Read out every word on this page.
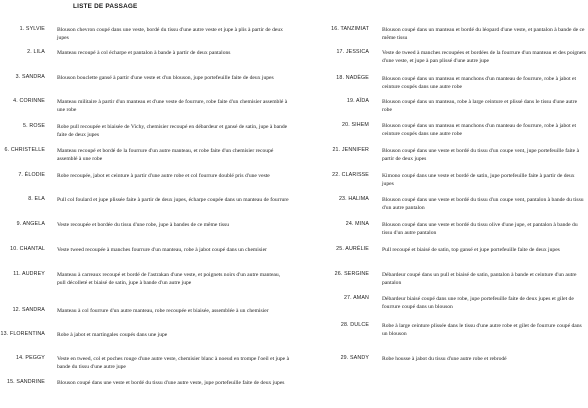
LISTE DE PASSAGE
1. SYLVIE Blouson chevron coupé dans une veste, bordé du tissu d'une autre veste et jupe à plis à partir de deux jupes
2. LILA Manteau recoupé à col écharpe et pantalon à bande à partir de deux pantalons
3. SANDRA Blouson bouclette gansé à partir d'une veste et d'un blouson, jupe portefeuille faite de deux jupes
4. CORINNE Manteau militaire à partir d'un manteau et d'une veste de fourrure, robe faite d'un chemisier assemblé à une robe
5. ROSE Robe pull recoupée et biaisée de Vichy, chemisier recoupé en débardeur et gansé de satin, jupe à bande faite de deux jupes
6. CHRISTELLE Manteau recoupé et bordé de la fourrure d'un autre manteau, et robe faite d'un chemisier recoupé assemblé à une robe
7. ÉLODIE Robe recoupée, jabot et ceinture à partir d'une autre robe et col fourrure doublé pris d'une veste
8. ELA Pull col foulard et jupe plissée faite à partir de deux jupes, écharpe coupée dans un manteau de fourrure
9. ANGELA Veste recoupée et bordée du tissu d'une robe, jupe à bandes de ce même tissu
10. CHANTAL Veste tweed recoupée à manches fourrure d'un manteau, robe à jabot coupé dans un chemisier
11. AUDREY Manteau à carreaux recoupé et bordé de l'astrakan d'une veste, et poignets noirs d'un autre manteau, pull décolleté et biaisé de satin, jupe à bande d'un autre jupe
12. SANDRA Manteau à col fourrure d'un autre manteau, robe recoupée et biaisée, assemblée à un chemisier
13. FLORENTINA Robe à jabot et martingales coupés dans une jupe
14. PEGGY Veste en tweed, col et poches rouge d'une autre veste, chemisier blanc à noeud en trompe l'oeil et jupe à bande du tissu d'une autre jupe
15. SANDRINE Blouson coupé dans une veste et bordé du tissu d'une autre veste, jupe portefeuille faite de deux jupes
16. TANZIMIAT Blouson coupé dans un manteau et bordé du léopard d'une veste, et pantalon à bande de ce même tissu
17. JESSICA Veste de tweed à manches recoupées et bordées de la fourrure d'un manteau et des poignets d'une veste, et jupe à pan plissé d'une autre jupe
18. NADÈGE Blouson coupé dans un manteau et manchons d'un manteau de fourrure, robe à jabot et ceinture coupés dans une autre robe
19. AÏDA Blouson coupé dans un manteau, robe à large ceinture et plissé dans le tissu d'une autre robe
20. SIHEM Blouson coupé dans un manteau et manchons d'un manteau de fourrure, robe à jabot et ceinture coupés dans une autre robe
21. JENNIFER Blouson coupé dans une veste et bordé du tissu d'un coupe vent, jupe portefeuille faite à partir de deux jupes
22. CLARISSE Kimono coupé dans une veste et bordé de satin, jupe portefeuille faite à partir de deux jupes
23. HALIMA Blouson coupé dans une veste et bordé du tissu d'un coupe vent, pantalon à bande du tissu d'un autre pantalon
24. MINA Blouson coupé dans une veste et bordé du tissu olive d'une jupe, et pantalon à bande du tissu d'un autre pantalon
25. AURÉLIE Pull recoupé et biaisé de satin, top gansé et jupe portefeuille faite de deux jupes
26. SERGINE Débardeur coupé dans un pull et biaisé de satin, pantalon à bande et ceinture d'un autre pantalon
27. AMAN Débardeur biaisé coupé dans une robe, jupe portefeuille faite de deux jupes et gilet de fourrure coupé dans un blouson
28. DULCE Robe à large ceinture plissée dans le tissu d'une autre robe et gilet de fourrure coupé dans un blouson
29. SANDY Robe housse à jabot du tissu d'une autre robe et rebrodé
